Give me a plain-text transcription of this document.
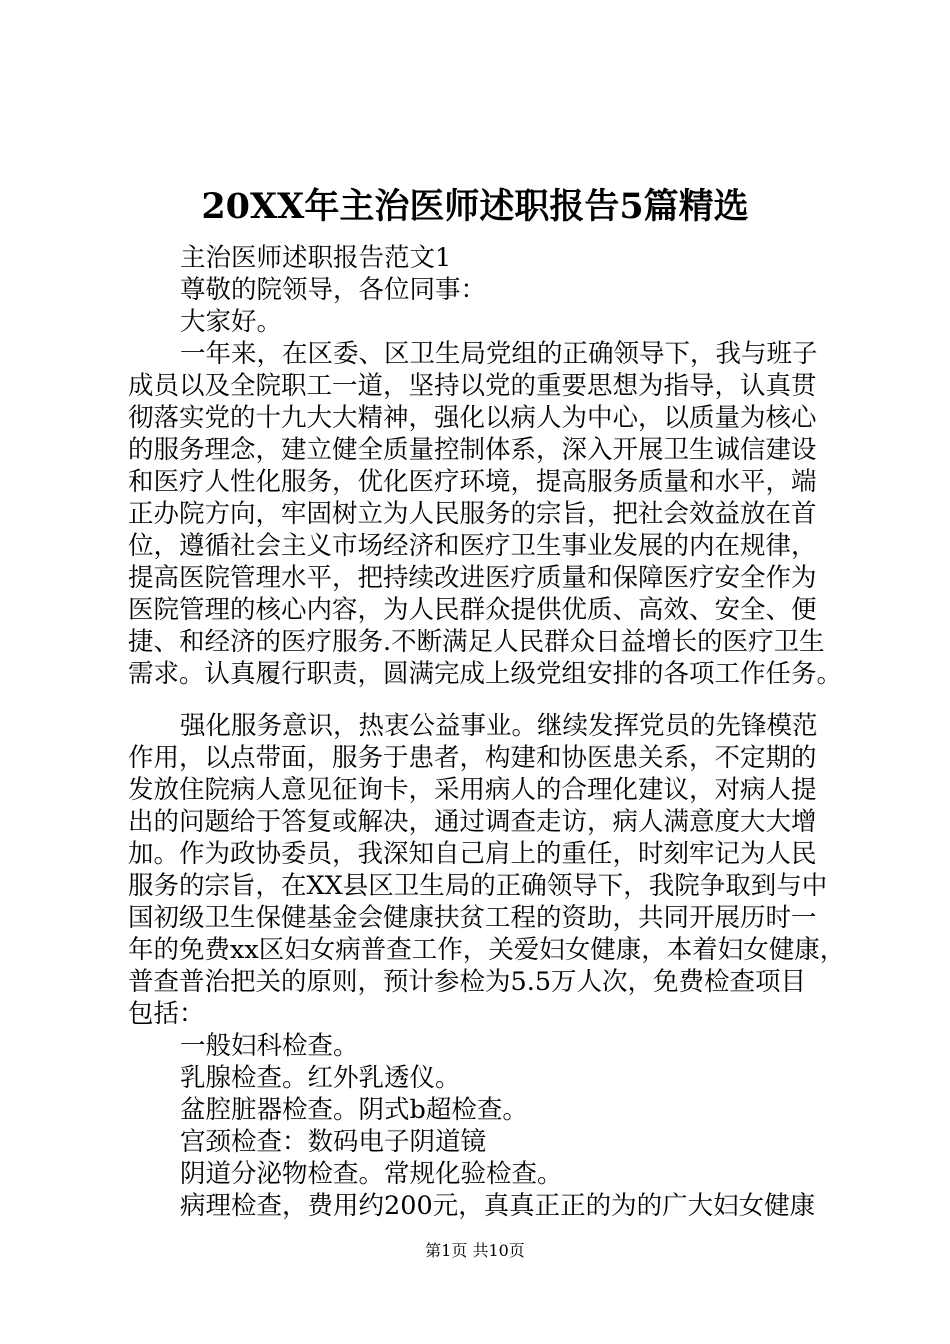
20XX年主治医师述职报告5篇精选
主治医师述职报告范文1
尊敬的院领导，各位同事：
大家好。
一年来，在区委、区卫生局党组的正确领导下，我与班子
成员以及全院职工一道，坚持以党的重要思想为指导，认真贯
彻落实党的十九大大精神，强化以病人为中心，以质量为核心
的服务理念，建立健全质量控制体系，深入开展卫生诚信建设
和医疗人性化服务，优化医疗环境，提高服务质量和水平，端
正办院方向，牢固树立为人民服务的宗旨，把社会效益放在首
位，遵循社会主义市场经济和医疗卫生事业发展的内在规律，
提高医院管理水平，把持续改进医疗质量和保障医疗安全作为
医院管理的核心内容，为人民群众提供优质、高效、安全、便
捷、和经济的医疗服务.不断满足人民群众日益增长的医疗卫生
需求。认真履行职责，圆满完成上级党组安排的各项工作任务。
强化服务意识，热衷公益事业。继续发挥党员的先锋模范
作用，以点带面，服务于患者，构建和协医患关系，不定期的
发放住院病人意见征询卡，采用病人的合理化建议，对病人提
出的问题给于答复或解决，通过调查走访，病人满意度大大增
加。作为政协委员，我深知自己肩上的重任，时刻牢记为人民
服务的宗旨，在XX县区卫生局的正确领导下，我院争取到与中
国初级卫生保健基金会健康扶贫工程的资助，共同开展历时一
年的免费xx区妇女病普查工作，关爱妇女健康，本着妇女健康，
普查普治把关的原则，预计参检为5.5万人次，免费检查项目
包括：
一般妇科检查。
乳腺检查。红外乳透仪。
盆腔脏器检查。阴式b超检查。
宫颈检查：数码电子阴道镜
阴道分泌物检查。常规化验检查。
病理检查，费用约200元，真真正正的为的广大妇女健康
第1页 共10页
